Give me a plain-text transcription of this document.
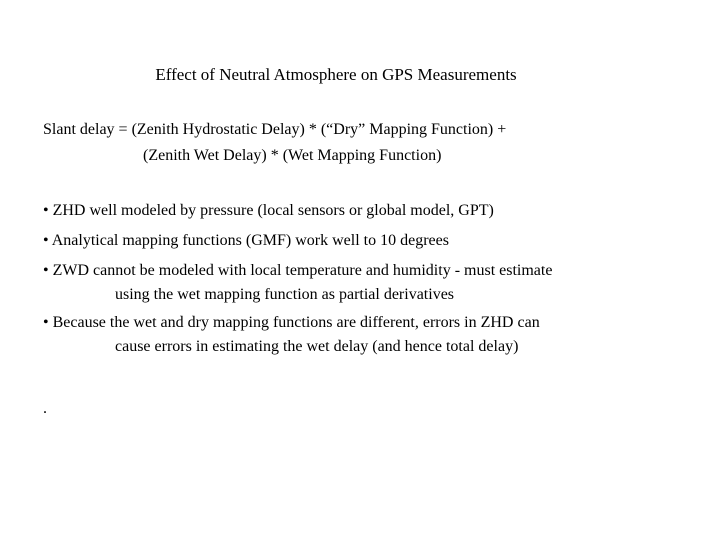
Effect of Neutral Atmosphere on GPS Measurements
Slant delay = (Zenith Hydrostatic Delay) * (“Dry” Mapping Function) +
(Zenith Wet Delay) * (Wet Mapping Function)
• ZHD well modeled by pressure (local sensors or global model, GPT)
• Analytical mapping functions (GMF) work well to 10 degrees
• ZWD cannot be modeled with local temperature and humidity - must estimate
using the wet mapping function as partial derivatives
• Because the wet and dry mapping functions are different, errors in ZHD can
cause errors in estimating the wet delay (and hence total delay)
.
